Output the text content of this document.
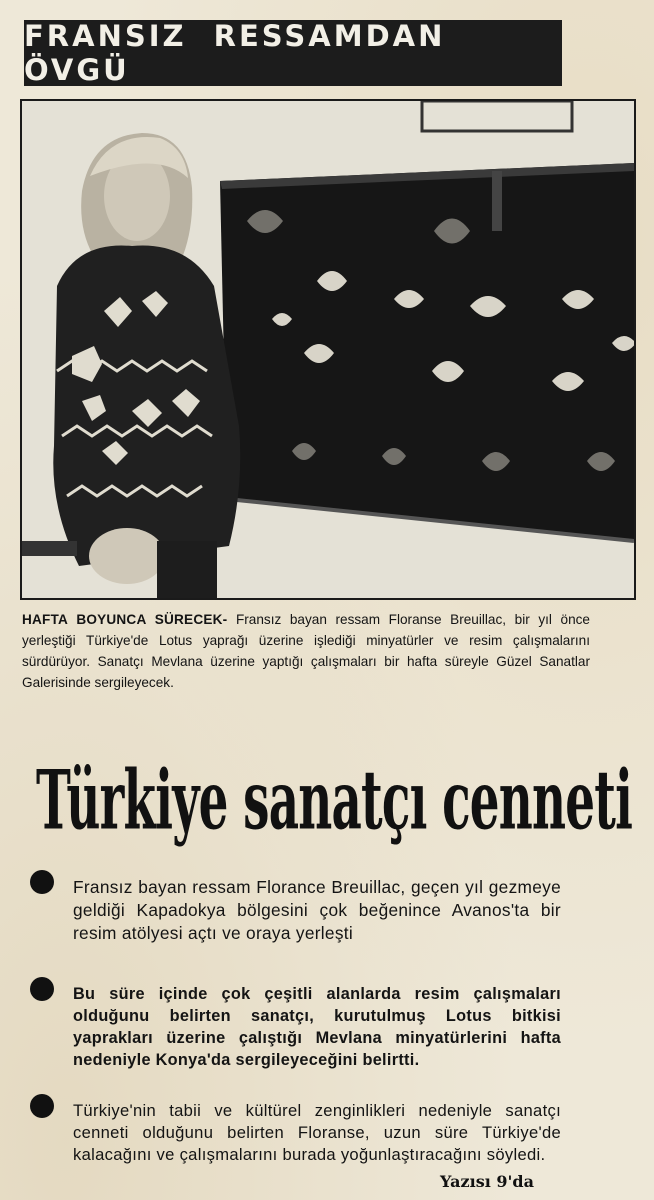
FRANSIZ RESSAMDAN ÖVGÜ
HAFTA BOYUNCA SÜRECEK- Fransız bayan ressam Floranse Breuillac, bir yıl önce yerleştiği Türkiye'de Lotus yaprağı üzerine işlediği minyatürler ve resim çalışmalarını sürdürüyor. Sanatçı Mevlana üzerine yaptığı çalışmaları bir hafta süreyle Güzel Sanatlar Galerisinde sergileyecek.
Türkiye sanatçı cenneti
Fransız bayan ressam Florance Breuillac, geçen yıl gezmeye geldiği Kapadokya bölgesini çok beğenince Avanos'ta bir resim atölyesi açtı ve oraya yerleşti
Bu süre içinde çok çeşitli alanlarda resim çalışmaları olduğunu belirten sanatçı, kurutulmuş Lotus bitkisi yaprakları üzerine çalıştığı Mevlana minyatürlerini hafta nedeniyle Konya'da sergileyeceğini belirtti.
Türkiye'nin tabii ve kültürel zenginlikleri nedeniyle sanatçı cenneti olduğunu belirten Floranse, uzun süre Türkiye'de kalacağını ve çalışmalarını burada yoğunlaştıracağını söyledi.
Yazısı 9'da
